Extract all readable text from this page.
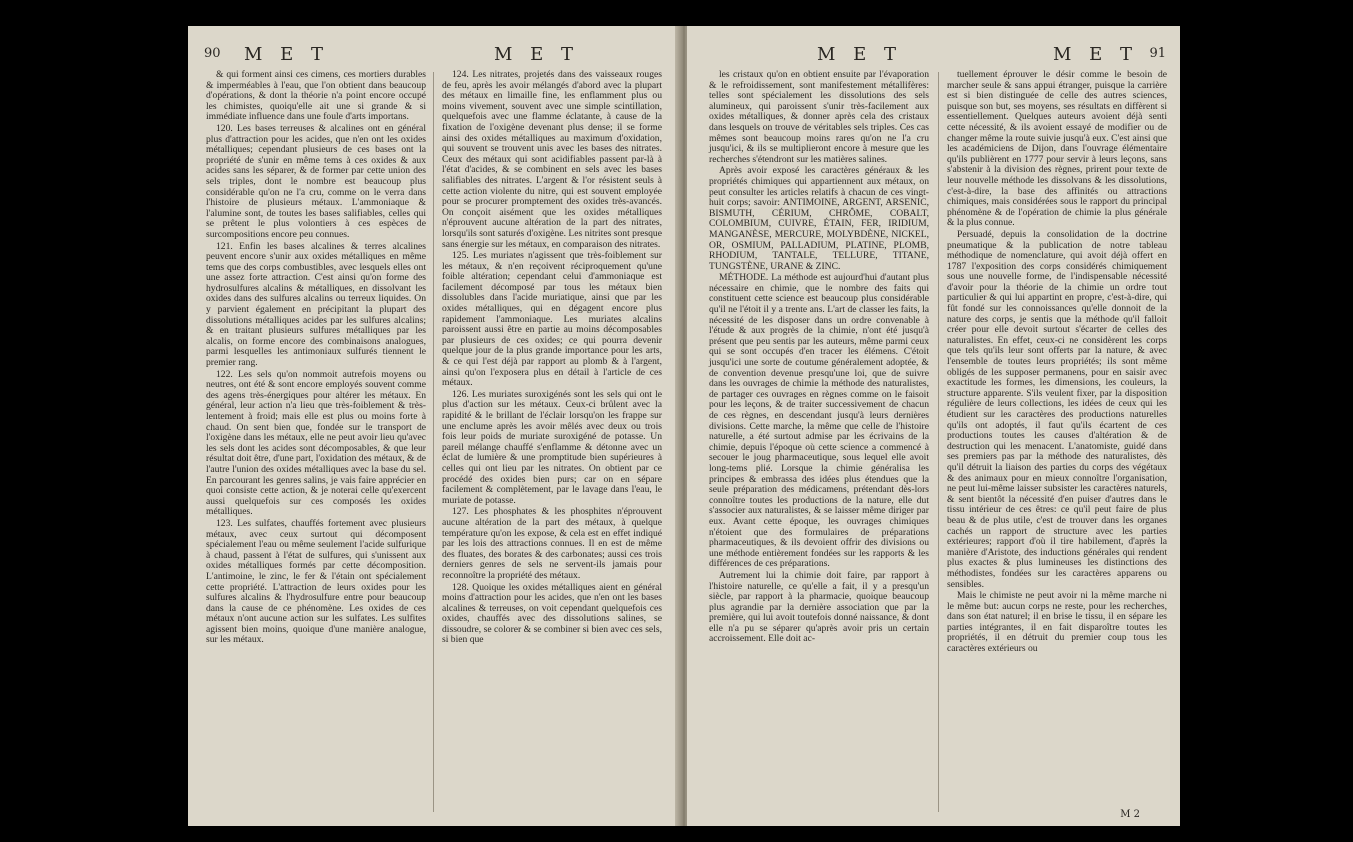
90 M E T	M E T

& qui forment ainsi ces cimens, ces mortiers durables & imperméables à l'eau, que l'on obtient dans beaucoup d'opérations, & dont la théorie n'a point encore occupé les chimistes, quoiqu'elle ait une si grande & si immédiate influence dans une foule d'arts importans.

120. Les bases terreuses & alcalines ont en général plus d'attraction pour les acides, que n'en ont les oxides métalliques; cependant plusieurs de ces bases ont la propriété de s'unir en même tems à ces oxides & aux acides sans les séparer, & de former par cette union des sels triples, dont le nombre est beaucoup plus considérable qu'on ne l'a cru, comme on le verra dans l'histoire de plusieurs métaux. L'ammoniaque & l'alumine sont, de toutes les bases salifiables, celles qui se prêtent le plus volontiers à ces espèces de surcompositions encore peu connues.

121. Enfin les bases alcalines & terres alcalines peuvent encore s'unir aux oxides métalliques en même tems que des corps combustibles, avec lesquels elles ont une assez forte attraction. C'est ainsi qu'on forme des hydrosulfures alcalins & métalliques, en dissolvant les oxides dans des sulfures alcalins ou terreux liquides. On y parvient également en précipitant la plupart des dissolutions métalliques acides par les sulfures alcalins; & en traitant plusieurs sulfures métalliques par les alcalis, on forme encore des combinaisons analogues, parmi lesquelles les antimoniaux sulfurés tiennent le premier rang.

122. Les sels qu'on nommoit autrefois moyens ou neutres, ont été & sont encore employés souvent comme des agens très-énergiques pour altérer les métaux. En général, leur action n'a lieu que très-foiblement & très-lentement à froid; mais elle est plus ou moins forte à chaud. On sent bien que, fondée sur le transport de l'oxigène dans les métaux, elle ne peut avoir lieu qu'avec les sels dont les acides sont décomposables, & que leur résultat doit être, d'une part, l'oxidation des métaux, & de l'autre l'union des oxides métalliques avec la base du sel. En parcourant les genres salins, je vais faire apprécier en quoi consiste cette action, & je noterai celle qu'exercent aussi quelquefois sur ces composés les oxides métalliques.

123. Les sulfates, chauffés fortement avec plusieurs métaux, avec ceux surtout qui décomposent spécialement l'eau ou même seulement l'acide sulfurique à chaud, passent à l'état de sulfures, qui s'unissent aux oxides métalliques formés par cette décomposition. L'antimoine, le zinc, le fer & l'étain ont spécialement cette propriété. L'attraction de leurs oxides pour les sulfures alcalins & l'hydrosulfure entre pour beaucoup dans la cause de ce phénomène. Les oxides de ces métaux n'ont aucune action sur les sulfates. Les sulfites agissent bien moins, quoique d'une manière analogue, sur les métaux.

124. Les nitrates, projetés dans des vaisseaux rouges de feu, après les avoir mélangés d'abord avec la plupart des métaux en limaille fine, les enflamment plus ou moins vivement, souvent avec une simple scintillation, quelquefois avec une flamme éclatante, à cause de la fixation de l'oxigène devenant plus dense; il se forme ainsi des oxides métalliques au maximum d'oxidation, qui souvent se trouvent unis avec les bases des nitrates. Ceux des métaux qui sont acidifiables passent par-là à l'état d'acides, & se combinent en sels avec les bases salifiables des nitrates. L'argent & l'or résistent seuls à cette action violente du nitre, qui est souvent employée pour se procurer promptement des oxides très-avancés. On conçoit aisément que les oxides métalliques n'éprouvent aucune altération de la part des nitrates, lorsqu'ils sont saturés d'oxigène. Les nitrites sont presque sans énergie sur les métaux, en comparaison des nitrates.

125. Les muriates n'agissent que très-foiblement sur les métaux, & n'en reçoivent réciproquement qu'une foible altération; cependant celui d'ammoniaque est facilement décomposé par tous les métaux bien dissolubles dans l'acide muriatique, ainsi que par les oxides métalliques, qui en dégagent encore plus rapidement l'ammoniaque. Les muriates alcalins paroissent aussi être en partie au moins décomposables par plusieurs de ces oxides; ce qui pourra devenir quelque jour de la plus grande importance pour les arts, & ce qui l'est déjà par rapport au plomb & à l'argent, ainsi qu'on l'exposera plus en détail à l'article de ces métaux.

126. Les muriates suroxigénés sont les sels qui ont le plus d'action sur les métaux. Ceux-ci brûlent avec la rapidité & le brillant de l'éclair lorsqu'on les frappe sur une enclume après les avoir mêlés avec deux ou trois fois leur poids de muriate suroxigéné de potasse. Un pareil mélange chauffé s'enflamme & détonne avec un éclat de lumière & une promptitude bien supérieures à celles qui ont lieu par les nitrates. On obtient par ce procédé des oxides bien purs; car on en sépare facilement & complètement, par le lavage dans l'eau, le muriate de potasse.

127. Les phosphates & les phosphites n'éprouvent aucune altération de la part des métaux, à quelque température qu'on les expose, & cela est en effet indiqué par les lois des attractions connues. Il en est de même des fluates, des borates & des carbonates; aussi ces trois derniers genres de sels ne servent-ils jamais pour reconnoître la propriété des métaux.

128. Quoique les oxides métalliques aient en général moins d'attraction pour les acides, que n'en ont les bases alcalines & terreuses, on voit cependant quelquefois ces oxides, chauffés avec des dissolutions salines, se dissoudre, se colorer & se combiner si bien avec ces sels, si bien que

M E T	M E T 91

les cristaux qu'on en obtient ensuite par l'évaporation & le refroidissement, sont manifestement métallifères: telles sont spécialement les dissolutions des sels alumineux, qui paroissent s'unir très-facilement aux oxides métalliques, & donner après cela des cristaux dans lesquels on trouve de véritables sels triples. Ces cas mêmes sont beaucoup moins rares qu'on ne l'a cru jusqu'ici, & ils se multiplieront encore à mesure que les recherches s'étendront sur les matières salines.

Après avoir exposé les caractères généraux & les propriétés chimiques qui appartiennent aux métaux, on peut consulter les articles relatifs à chacun de ces vingt-huit corps; savoir: ANTIMOINE, ARGENT, ARSENIC, BISMUTH, CÉRIUM, CHRÔME, COBALT, COLOMBIUM, CUIVRE, ÉTAIN, FER, IRIDIUM, MANGANÈSE, MERCURE, MOLYBDÈNE, NICKEL, OR, OSMIUM, PALLADIUM, PLATINE, PLOMB, RHODIUM, TANTALE, TELLURE, TITANE, TUNGSTÈNE, URANE & ZINC.

MÉTHODE. La méthode est aujourd'hui d'autant plus nécessaire en chimie, que le nombre des faits qui constituent cette science est beaucoup plus considérable qu'il ne l'étoit il y a trente ans. L'art de classer les faits, la nécessité de les disposer dans un ordre convenable à l'étude & aux progrès de la chimie, n'ont été jusqu'à présent que peu sentis par les auteurs, même parmi ceux qui se sont occupés d'en tracer les élémens. C'étoit jusqu'ici une sorte de coutume généralement adoptée, & de convention devenue presqu'une loi, que de suivre dans les ouvrages de chimie la méthode des naturalistes, de partager ces ouvrages en règnes comme on le faisoit pour les leçons, & de traiter successivement de chacun de ces règnes, en descendant jusqu'à leurs dernières divisions. Cette marche, la même que celle de l'histoire naturelle, a été surtout admise par les écrivains de la chimie, depuis l'époque où cette science a commencé à secouer le joug pharmaceutique, sous lequel elle avoit long-tems plié. Lorsque la chimie généralisa les principes & embrassa des idées plus étendues que la seule préparation des médicamens, prétendant dès-lors connoître toutes les productions de la nature, elle dut s'associer aux naturalistes, & se laisser même diriger par eux. Avant cette époque, les ouvrages chimiques n'étoient que des formulaires de préparations pharmaceutiques, & ils devoient offrir des divisions ou une méthode entièrement fondées sur les rapports & les différences de ces préparations.

Autrement lui la chimie doit faire, par rapport à l'histoire naturelle, ce qu'elle a fait, il y a presqu'un siècle, par rapport à la pharmacie, quoique beaucoup plus agrandie par la dernière association que par la première, qui lui avoit toutefois donné naissance, & dont elle n'a pu se séparer qu'après avoir pris un certain accroissement. Elle doit ac-

tuellement éprouver le désir comme le besoin de marcher seule & sans appui étranger, puisque la carrière est si bien distinguée de celle des autres sciences, puisque son but, ses moyens, ses résultats en diffèrent si essentiellement. Quelques auteurs avoient déjà senti cette nécessité, & ils avoient essayé de modifier ou de changer même la route suivie jusqu'à eux. C'est ainsi que les académiciens de Dijon, dans l'ouvrage élémentaire qu'ils publièrent en 1777 pour servir à leurs leçons, sans s'abstenir à la division des règnes, prirent pour texte de leur nouvelle méthode les dissolvans & les dissolutions, c'est-à-dire, la base des affinités ou attractions chimiques, mais considérées sous le rapport du principal phénomène & de l'opération de chimie la plus générale & la plus connue.

Persuadé, depuis la consolidation de la doctrine pneumatique & la publication de notre tableau méthodique de nomenclature, qui avoit déjà offert en 1787 l'exposition des corps considérés chimiquement sous une nouvelle forme, de l'indispensable nécessité d'avoir pour la théorie de la chimie un ordre tout particulier & qui lui appartint en propre, c'est-à-dire, qui fût fondé sur les connoissances qu'elle donnoit de la nature des corps, je sentis que la méthode qu'il falloit créer pour elle devoit surtout s'écarter de celles des naturalistes. En effet, ceux-ci ne considèrent les corps que tels qu'ils leur sont offerts par la nature, & avec l'ensemble de toutes leurs propriétés; ils sont même obligés de les supposer permanens, pour en saisir avec exactitude les formes, les dimensions, les couleurs, la structure apparente. S'ils veulent fixer, par la disposition régulière de leurs collections, les idées de ceux qui les étudient sur les caractères des productions naturelles qu'ils ont adoptés, il faut qu'ils écartent de ces productions toutes les causes d'altération & de destruction qui les menacent. L'anatomiste, guidé dans ses premiers pas par la méthode des naturalistes, dès qu'il détruit la liaison des parties du corps des végétaux & des animaux pour en mieux connoître l'organisation, ne peut lui-même laisser subsister les caractères naturels, & sent bientôt la nécessité d'en puiser d'autres dans le tissu intérieur de ces êtres: ce qu'il peut faire de plus beau & de plus utile, c'est de trouver dans les organes cachés un rapport de structure avec les parties extérieures; rapport d'où il tire habilement, d'après la manière d'Aristote, des inductions générales qui rendent plus exactes & plus lumineuses les distinctions des méthodistes, fondées sur les caractères apparens ou sensibles.

Mais le chimiste ne peut avoir ni la même marche ni le même but: aucun corps ne reste, pour les recherches, dans son état naturel; il en brise le tissu, il en sépare les parties intégrantes, il en fait disparoître toutes les propriétés, il en détruit du premier coup tous les caractères extérieurs ou

M 2
